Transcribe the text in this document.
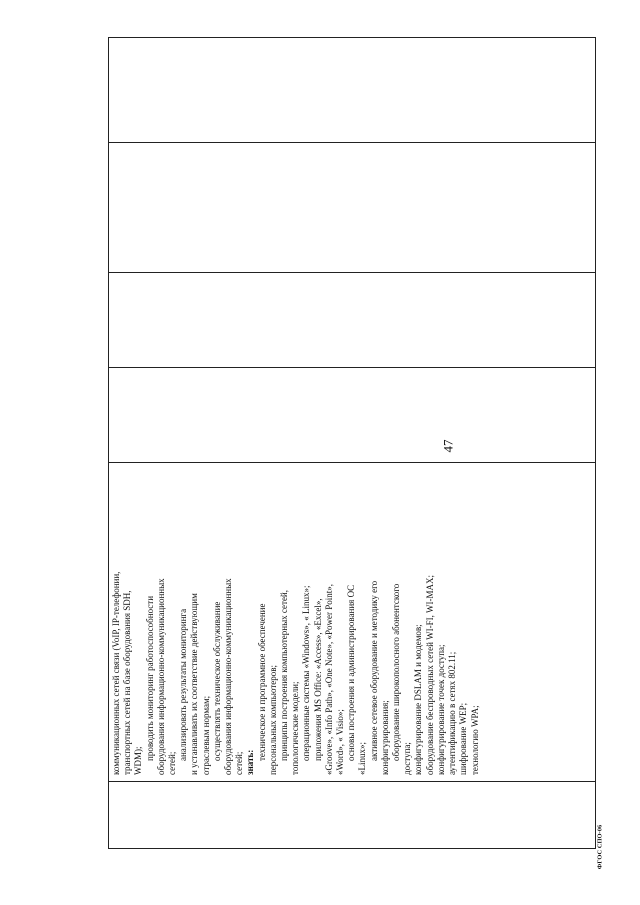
47
коммуникационных сетей связи (VoIP, IP-телефонии, транспортных сетей на базе оборудования SDH, WDM); проводить мониторинг работоспособности оборудования информационно-коммуникационных сетей;
анализировать результаты мониторинга и устанавливать их соответствие действующим отраслевым нормам; осуществлять техническое обслуживание оборудования информационно-коммуникационных сетей; знать:
техническое и программное обеспечение персональных компьютеров; принципы построения компьютерных сетей, топологические модели; операционные системы «Windows», « Linux»; приложения MS Office: «Access», «Excel», «Groove», «Info Path», «One Note», «Power Point», «Word», « Visio»; основы построения и администрирования ОС «Linux»; активное сетевое оборудование и методику его конфигурирования; оборудование широкополосного абонентского доступа; конфигурирование DSLAM и модемов; оборудование беспроводных сетей WI-FI, WI-MAX; конфигурирование точек доступа; аутентификацию в сетях 802.11; шифрование WEP; технологию WPA;
ФГОС СПО-06
